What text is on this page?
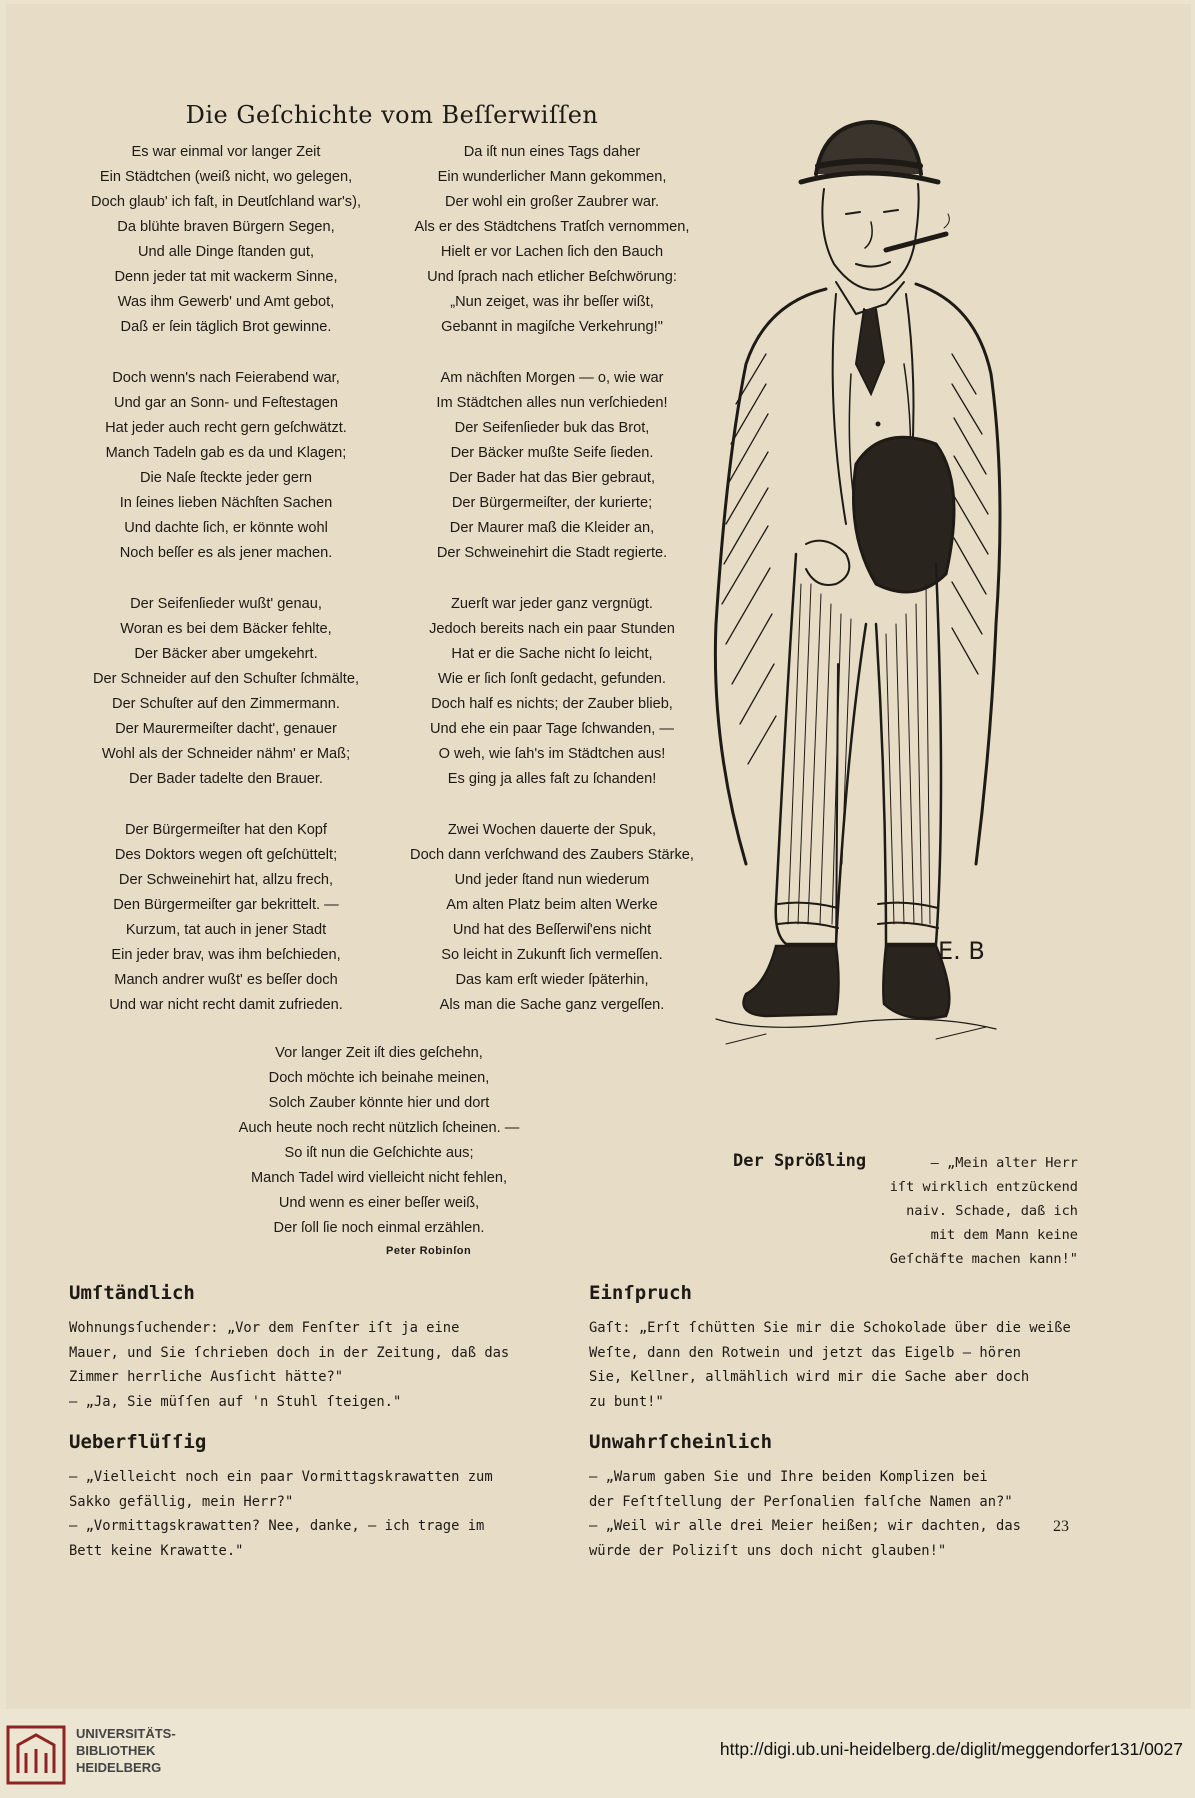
Die Geſchichte vom Beſſerwiſſen
Es war einmal vor langer Zeit
Ein Städtchen (weiß nicht, wo gelegen,
Doch glaub' ich faſt, in Deutſchland war's),
Da blühte braven Bürgern Segen,
Und alle Dinge ſtanden gut,
Denn jeder tat mit wackerm Sinne,
Was ihm Gewerb' und Amt gebot,
Daß er ſein täglich Brot gewinne.
Doch wenn's nach Feierabend war,
Und gar an Sonn- und Feſtestagen
Hat jeder auch recht gern geſchwätzt.
Manch Tadeln gab es da und Klagen;
Die Naſe ſteckte jeder gern
In ſeines lieben Nächſten Sachen
Und dachte ſich, er könnte wohl
Noch beſſer es als jener machen.
Der Seifenſieder wußt' genau,
Woran es bei dem Bäcker fehlte,
Der Bäcker aber umgekehrt.
Der Schneider auf den Schuſter ſchmälte,
Der Schuſter auf den Zimmermann.
Der Maurermeiſter dacht', genauer
Wohl als der Schneider nähm' er Maß;
Der Bader tadelte den Brauer.
Der Bürgermeiſter hat den Kopf
Des Doktors wegen oft geſchüttelt;
Der Schweinehirt hat, allzu frech,
Den Bürgermeiſter gar bekrittelt. —
Kurzum, tat auch in jener Stadt
Ein jeder brav, was ihm beſchieden,
Manch andrer wußt' es beſſer doch
Und war nicht recht damit zufrieden.
Da iſt nun eines Tags daher
Ein wunderlicher Mann gekommen,
Der wohl ein großer Zaubrer war.
Als er des Städtchens Tratſch vernommen,
Hielt er vor Lachen ſich den Bauch
Und ſprach nach etlicher Beſchwörung:
„Nun zeiget, was ihr beſſer wißt,
Gebannt in magiſche Verkehrung!"
Am nächſten Morgen — o, wie war
Im Städtchen alles nun verſchieden!
Der Seifenſieder buk das Brot,
Der Bäcker mußte Seife ſieden.
Der Bader hat das Bier gebraut,
Der Bürgermeiſter, der kurierte;
Der Maurer maß die Kleider an,
Der Schweinehirt die Stadt regierte.
Zuerſt war jeder ganz vergnügt.
Jedoch bereits nach ein paar Stunden
Hat er die Sache nicht ſo leicht,
Wie er ſich ſonſt gedacht, gefunden.
Doch half es nichts; der Zauber blieb,
Und ehe ein paar Tage ſchwanden, —
O weh, wie ſah's im Städtchen aus!
Es ging ja alles faſt zu ſchanden!
Zwei Wochen dauerte der Spuk,
Doch dann verſchwand des Zaubers Stärke,
Und jeder ſtand nun wiederum
Am alten Platz beim alten Werke
Und hat des Beſſerwiſ'ens nicht
So leicht in Zukunft ſich vermeſſen.
Das kam erſt wieder ſpäterhin,
Als man die Sache ganz vergeſſen.
Vor langer Zeit iſt dies geſchehn,
Doch möchte ich beinahe meinen,
Solch Zauber könnte hier und dort
Auch heute noch recht nützlich ſcheinen. —
So iſt nun die Geſchichte aus;
Manch Tadel wird vielleicht nicht fehlen,
Und wenn es einer beſſer weiß,
Der ſoll ſie noch einmal erzählen.
Peter Robinſon
E. B
Der Sprößling	— „Mein alter Herr
iſt wirklich entzückend
naiv. Schade, daß ich
mit dem Mann keine
Geſchäfte machen kann!"
Umſtändlich
Wohnungsſuchender: „Vor dem Fenſter iſt ja eine
Mauer, und Sie ſchrieben doch in der Zeitung, daß das
Zimmer herrliche Ausſicht hätte?"
— „Ja, Sie müſſen auf 'n Stuhl ſteigen."
Einſpruch
Gaſt: „Erſt ſchütten Sie mir die Schokolade über die weiße
Weſte, dann den Rotwein und jetzt das Eigelb — hören
Sie, Kellner, allmählich wird mir die Sache aber doch
zu bunt!"
Ueberflüſſig
— „Vielleicht noch ein paar Vormittagskrawatten zum
Sakko gefällig, mein Herr?"
— „Vormittagskrawatten? Nee, danke, — ich trage im
Bett keine Krawatte."
Unwahrſcheinlich
— „Warum gaben Sie und Ihre beiden Komplizen bei
der Feſtſtellung der Perſonalien falſche Namen an?"
— „Weil wir alle drei Meier heißen; wir dachten, das
würde der Poliziſt uns doch nicht glauben!"
23
UNIVERSITÄTS-
BIBLIOTHEK
HEIDELBERG
http://digi.ub.uni-heidelberg.de/diglit/meggendorfer131/0027
